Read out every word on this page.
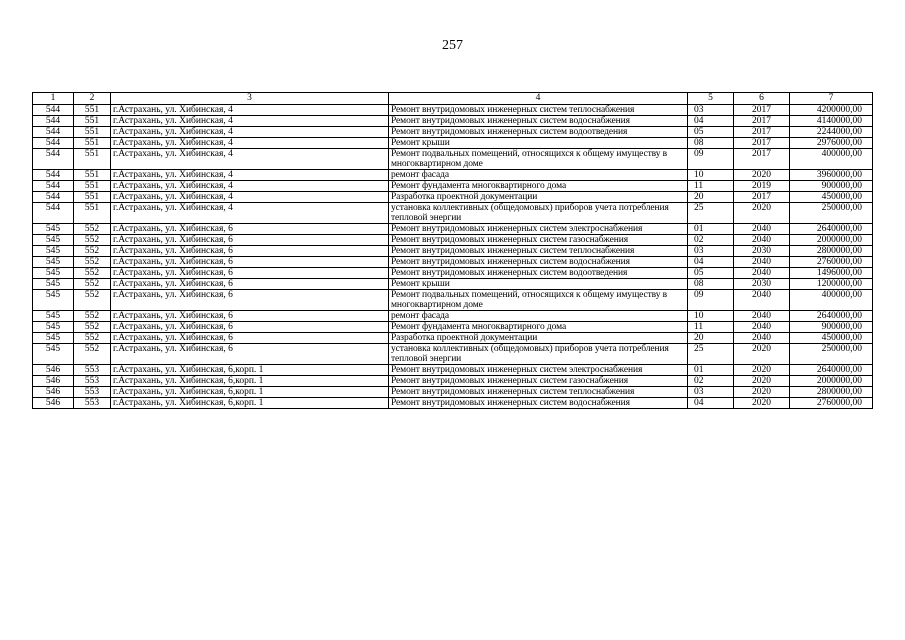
257
1	2	3	4	5	6	7
544	551	г.Астрахань, ул. Хибинская, 4	Ремонт внутридомовых инженерных систем теплоснабжения	03	2017	4200000,00
544	551	г.Астрахань, ул. Хибинская, 4	Ремонт внутридомовых инженерных систем водоснабжения	04	2017	4140000,00
544	551	г.Астрахань, ул. Хибинская, 4	Ремонт внутридомовых инженерных систем водоотведения	05	2017	2244000,00
544	551	г.Астрахань, ул. Хибинская, 4	Ремонт крыши	08	2017	2976000,00
544	551	г.Астрахань, ул. Хибинская, 4	Ремонт подвальных помещений, относящихся к общему имуществу в многоквартирном доме	09	2017	400000,00
544	551	г.Астрахань, ул. Хибинская, 4	ремонт фасада	10	2020	3960000,00
544	551	г.Астрахань, ул. Хибинская, 4	Ремонт фундамента многоквартирного дома	11	2019	900000,00
544	551	г.Астрахань, ул. Хибинская, 4	Разработка проектной документации	20	2017	450000,00
544	551	г.Астрахань, ул. Хибинская, 4	установка коллективных (общедомовых) приборов учета потребления тепловой энергии	25	2020	250000,00
545	552	г.Астрахань, ул. Хибинская, 6	Ремонт внутридомовых инженерных систем электроснабжения	01	2040	2640000,00
545	552	г.Астрахань, ул. Хибинская, 6	Ремонт внутридомовых инженерных систем газоснабжения	02	2040	2000000,00
545	552	г.Астрахань, ул. Хибинская, 6	Ремонт внутридомовых инженерных систем теплоснабжения	03	2030	2800000,00
545	552	г.Астрахань, ул. Хибинская, 6	Ремонт внутридомовых инженерных систем водоснабжения	04	2040	2760000,00
545	552	г.Астрахань, ул. Хибинская, 6	Ремонт внутридомовых инженерных систем водоотведения	05	2040	1496000,00
545	552	г.Астрахань, ул. Хибинская, 6	Ремонт крыши	08	2030	1200000,00
545	552	г.Астрахань, ул. Хибинская, 6	Ремонт подвальных помещений, относящихся к общему имуществу в многоквартирном доме	09	2040	400000,00
545	552	г.Астрахань, ул. Хибинская, 6	ремонт фасада	10	2040	2640000,00
545	552	г.Астрахань, ул. Хибинская, 6	Ремонт фундамента многоквартирного дома	11	2040	900000,00
545	552	г.Астрахань, ул. Хибинская, 6	Разработка проектной документации	20	2040	450000,00
545	552	г.Астрахань, ул. Хибинская, 6	установка коллективных (общедомовых) приборов учета потребления тепловой энергии	25	2020	250000,00
546	553	г.Астрахань, ул. Хибинская, 6,корп. 1	Ремонт внутридомовых инженерных систем электроснабжения	01	2020	2640000,00
546	553	г.Астрахань, ул. Хибинская, 6,корп. 1	Ремонт внутридомовых инженерных систем газоснабжения	02	2020	2000000,00
546	553	г.Астрахань, ул. Хибинская, 6,корп. 1	Ремонт внутридомовых инженерных систем теплоснабжения	03	2020	2800000,00
546	553	г.Астрахань, ул. Хибинская, 6,корп. 1	Ремонт внутридомовых инженерных систем водоснабжения	04	2020	2760000,00
